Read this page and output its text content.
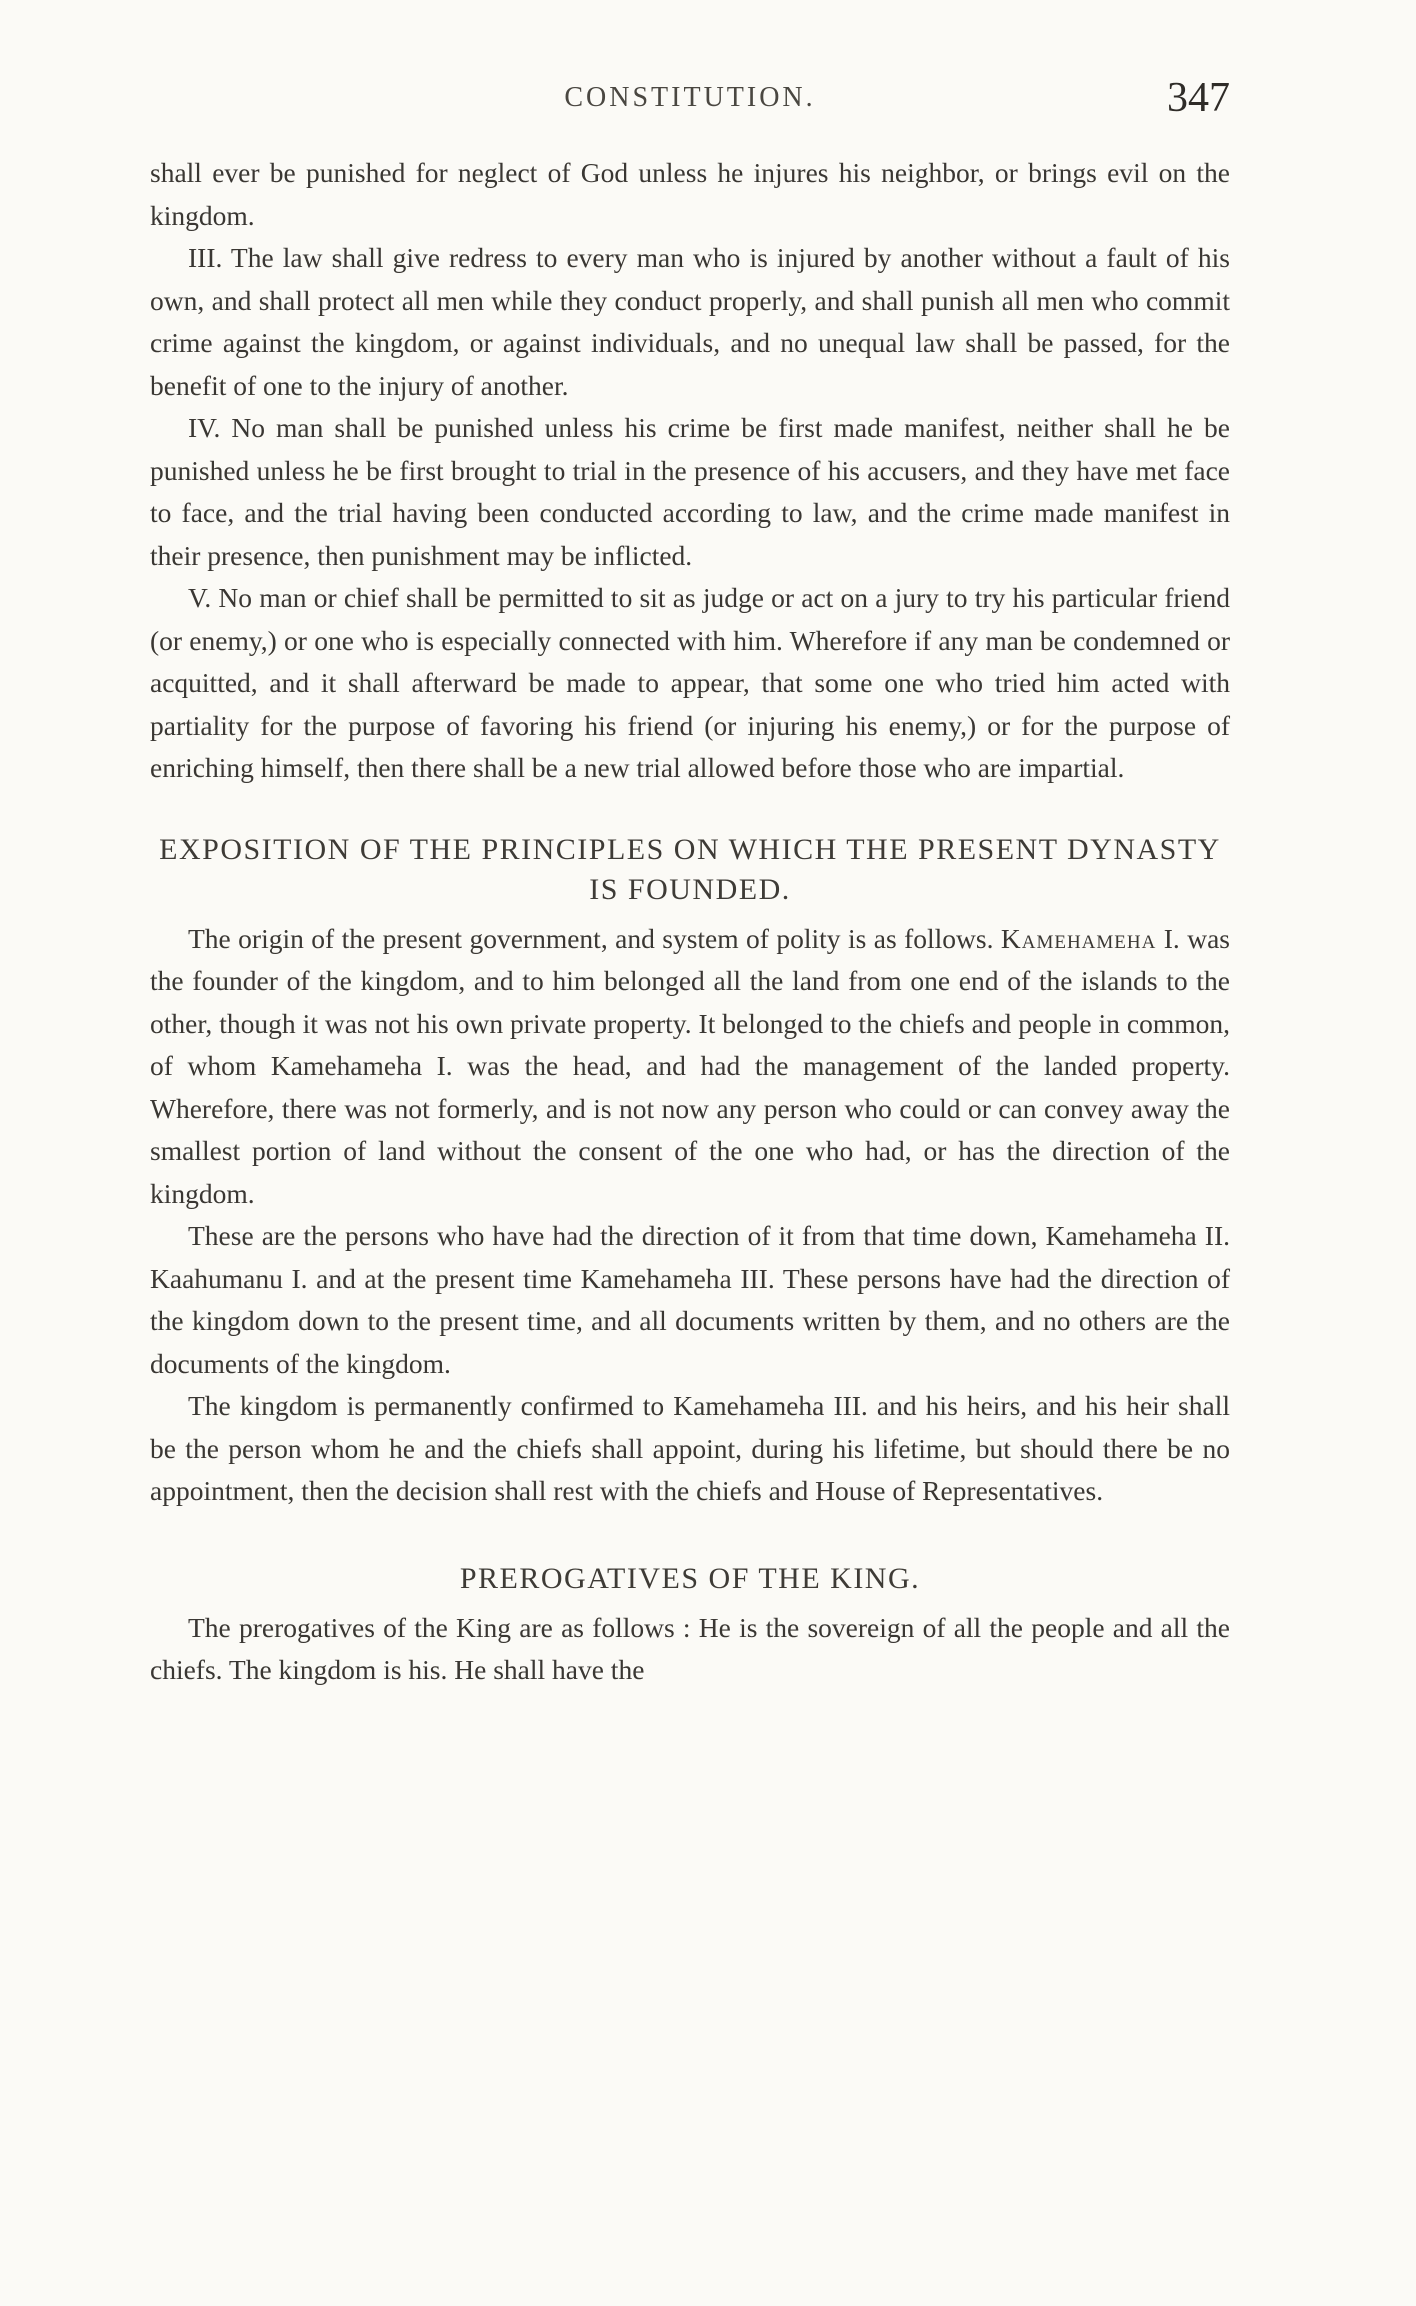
CONSTITUTION.	347

shall ever be punished for neglect of God unless he injures his neighbor, or brings evil on the kingdom.

III. The law shall give redress to every man who is injured by another without a fault of his own, and shall protect all men while they conduct properly, and shall punish all men who commit crime against the kingdom, or against individuals, and no unequal law shall be passed, for the benefit of one to the injury of another.

IV. No man shall be punished unless his crime be first made manifest, neither shall he be punished unless he be first brought to trial in the presence of his accusers, and they have met face to face, and the trial having been conducted according to law, and the crime made manifest in their presence, then punishment may be inflicted.

V. No man or chief shall be permitted to sit as judge or act on a jury to try his particular friend (or enemy,) or one who is especially connected with him. Wherefore if any man be condemned or acquitted, and it shall afterward be made to appear, that some one who tried him acted with partiality for the purpose of favoring his friend (or injuring his enemy,) or for the purpose of enriching himself, then there shall be a new trial allowed before those who are impartial.

EXPOSITION OF THE PRINCIPLES ON WHICH THE PRESENT DYNASTY IS FOUNDED.

The origin of the present government, and system of polity is as follows. Kamehameha I. was the founder of the kingdom, and to him belonged all the land from one end of the islands to the other, though it was not his own private property. It belonged to the chiefs and people in common, of whom Kamehameha I. was the head, and had the management of the landed property. Wherefore, there was not formerly, and is not now any person who could or can convey away the smallest portion of land without the consent of the one who had, or has the direction of the kingdom.

These are the persons who have had the direction of it from that time down, Kamehameha II. Kaahumanu I. and at the present time Kamehameha III. These persons have had the direction of the kingdom down to the present time, and all documents written by them, and no others are the documents of the kingdom.

The kingdom is permanently confirmed to Kamehameha III. and his heirs, and his heir shall be the person whom he and the chiefs shall appoint, during his lifetime, but should there be no appointment, then the decision shall rest with the chiefs and House of Representatives.

PREROGATIVES OF THE KING.

The prerogatives of the King are as follows : He is the sovereign of all the people and all the chiefs. The kingdom is his. He shall have the
